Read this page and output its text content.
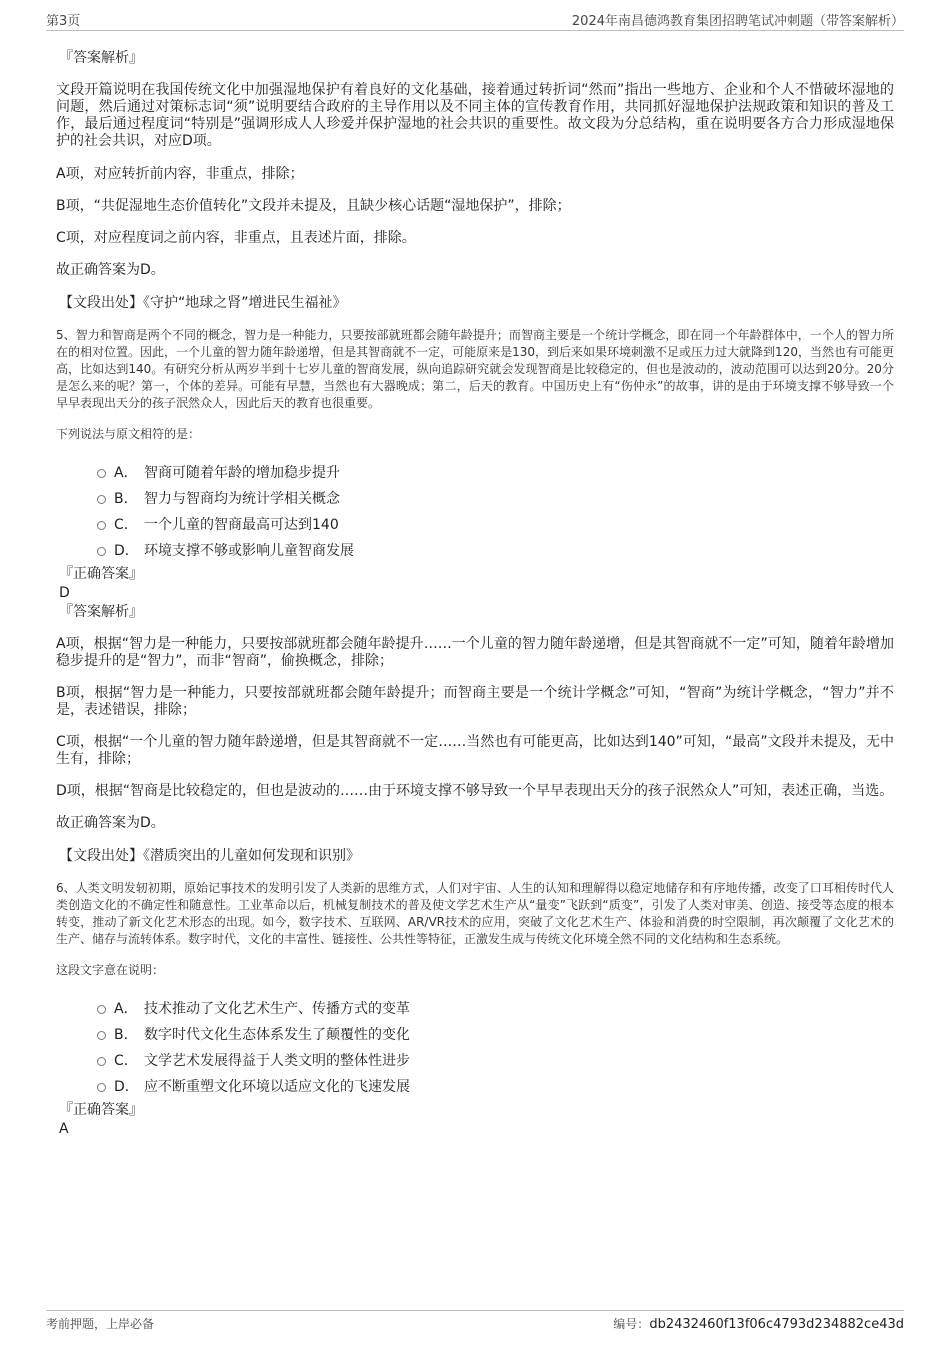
第3页	2024年南昌德鸿教育集团招聘笔试冲刺题（带答案解析）

『答案解析』

文段开篇说明在我国传统文化中加强湿地保护有着良好的文化基础，接着通过转折词“然而”指出一些地方、企业和个人不惜破坏湿地的问题，然后通过对策标志词“须”说明要结合政府的主导作用以及不同主体的宣传教育作用，共同抓好湿地保护法规政策和知识的普及工作，最后通过程度词“特别是”强调形成人人珍爱并保护湿地的社会共识的重要性。故文段为分总结构，重在说明要各方合力形成湿地保护的社会共识，对应D项。

A项，对应转折前内容，非重点，排除；

B项，“共促湿地生态价值转化”文段并未提及，且缺少核心话题“湿地保护”，排除；

C项，对应程度词之前内容，非重点，且表述片面，排除。

故正确答案为D。

【文段出处】《守护“地球之肾”增进民生福祉》

5、智力和智商是两个不同的概念，智力是一种能力，只要按部就班都会随年龄提升；而智商主要是一个统计学概念，即在同一个年龄群体中，一个人的智力所在的相对位置。因此，一个儿童的智力随年龄递增，但是其智商就不一定，可能原来是130，到后来如果环境刺激不足或压力过大就降到120，当然也有可能更高，比如达到140。有研究分析从两岁半到十七岁儿童的智商发展，纵向追踪研究就会发现智商是比较稳定的，但也是波动的，波动范围可以达到20分。20分是怎么来的呢？第一，个体的差异。可能有早慧，当然也有大器晚成；第二，后天的教育。中国历史上有“伤仲永”的故事，讲的是由于环境支撑不够导致一个早早表现出天分的孩子泯然众人，因此后天的教育也很重要。

下列说法与原文相符的是：

A． 智商可随着年龄的增加稳步提升
B． 智力与智商均为统计学相关概念
C． 一个儿童的智商最高可达到140
D． 环境支撑不够或影响儿童智商发展

『正确答案』

D

『答案解析』

A项，根据“智力是一种能力，只要按部就班都会随年龄提升……一个儿童的智力随年龄递增，但是其智商就不一定”可知，随着年龄增加稳步提升的是“智力”，而非“智商”，偷换概念，排除；

B项，根据“智力是一种能力，只要按部就班都会随年龄提升；而智商主要是一个统计学概念”可知，“智商”为统计学概念，“智力”并不是，表述错误，排除；

C项，根据“一个儿童的智力随年龄递增，但是其智商就不一定……当然也有可能更高，比如达到140”可知，“最高”文段并未提及，无中生有，排除；

D项，根据“智商是比较稳定的，但也是波动的……由于环境支撑不够导致一个早早表现出天分的孩子泯然众人”可知，表述正确，当选。

故正确答案为D。

【文段出处】《潜质突出的儿童如何发现和识别》

6、人类文明发轫初期，原始记事技术的发明引发了人类新的思维方式，人们对宇宙、人生的认知和理解得以稳定地储存和有序地传播，改变了口耳相传时代人类创造文化的不确定性和随意性。工业革命以后，机械复制技术的普及使文学艺术生产从“量变”飞跃到“质变”，引发了人类对审美、创造、接受等态度的根本转变，推动了新文化艺术形态的出现。如今，数字技术、互联网、AR/VR技术的应用，突破了文化艺术生产、体验和消费的时空限制，再次颠覆了文化艺术的生产、储存与流转体系。数字时代，文化的丰富性、链接性、公共性等特征，正激发生成与传统文化环境全然不同的文化结构和生态系统。

这段文字意在说明：

A． 技术推动了文化艺术生产、传播方式的变革
B． 数字时代文化生态体系发生了颠覆性的变化
C． 文学艺术发展得益于人类文明的整体性进步
D． 应不断重塑文化环境以适应文化的飞速发展

『正确答案』

A

考前押题，上岸必备	编号：db2432460f13f06c4793d234882ce43d
